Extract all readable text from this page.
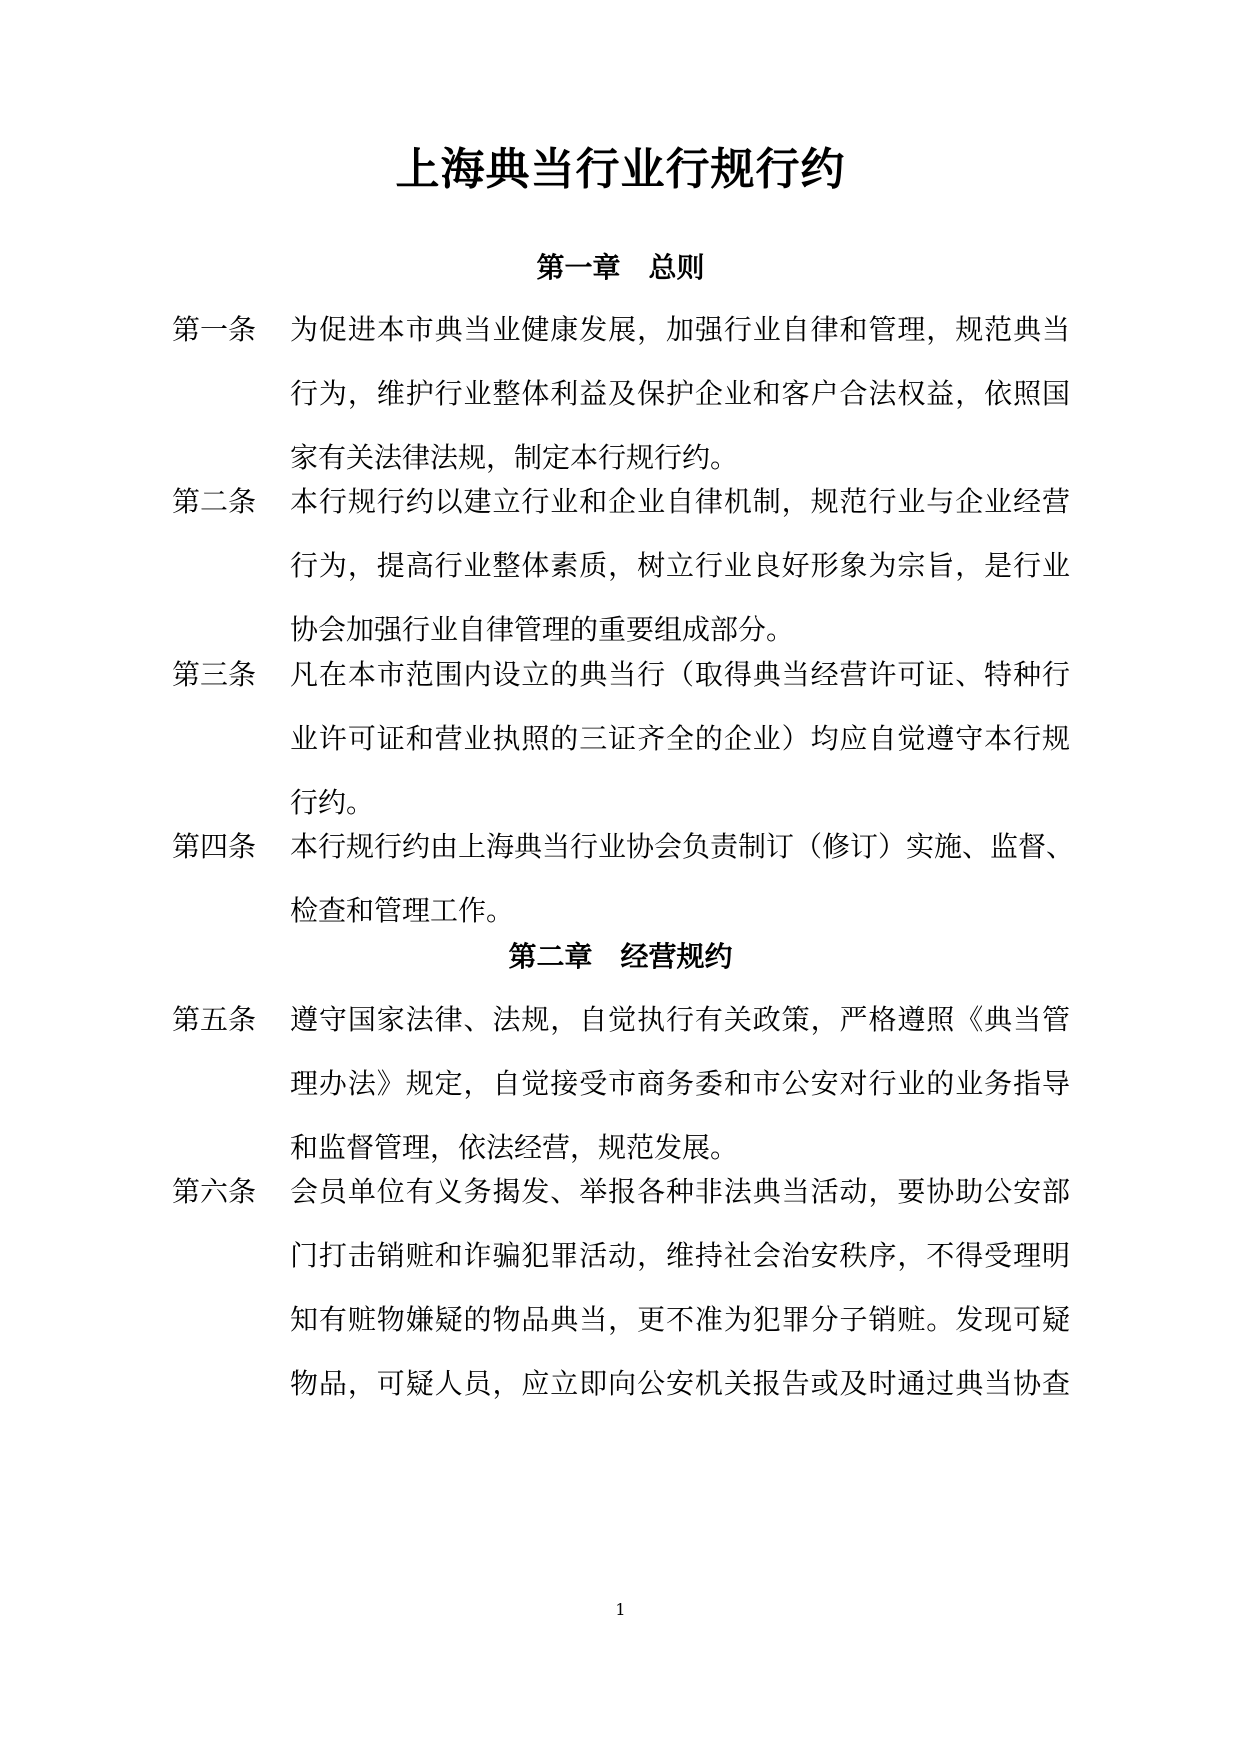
上海典当行业行规行约
第一章　总则
第一条	为促进本市典当业健康发展，加强行业自律和管理，规范典当
行为，维护行业整体利益及保护企业和客户合法权益，依照国
家有关法律法规，制定本行规行约。
第二条	本行规行约以建立行业和企业自律机制，规范行业与企业经营
行为，提高行业整体素质，树立行业良好形象为宗旨，是行业
协会加强行业自律管理的重要组成部分。
第三条	凡在本市范围内设立的典当行（取得典当经营许可证、特种行
业许可证和营业执照的三证齐全的企业）均应自觉遵守本行规
行约。
第四条	本行规行约由上海典当行业协会负责制订（修订）实施、监督、
检查和管理工作。
第二章　经营规约
第五条	遵守国家法律、法规，自觉执行有关政策，严格遵照《典当管
理办法》规定，自觉接受市商务委和市公安对行业的业务指导
和监督管理，依法经营，规范发展。
第六条	会员单位有义务揭发、举报各种非法典当活动，要协助公安部
门打击销赃和诈骗犯罪活动，维持社会治安秩序，不得受理明
知有赃物嫌疑的物品典当，更不准为犯罪分子销赃。发现可疑
物品，可疑人员，应立即向公安机关报告或及时通过典当协查
1
